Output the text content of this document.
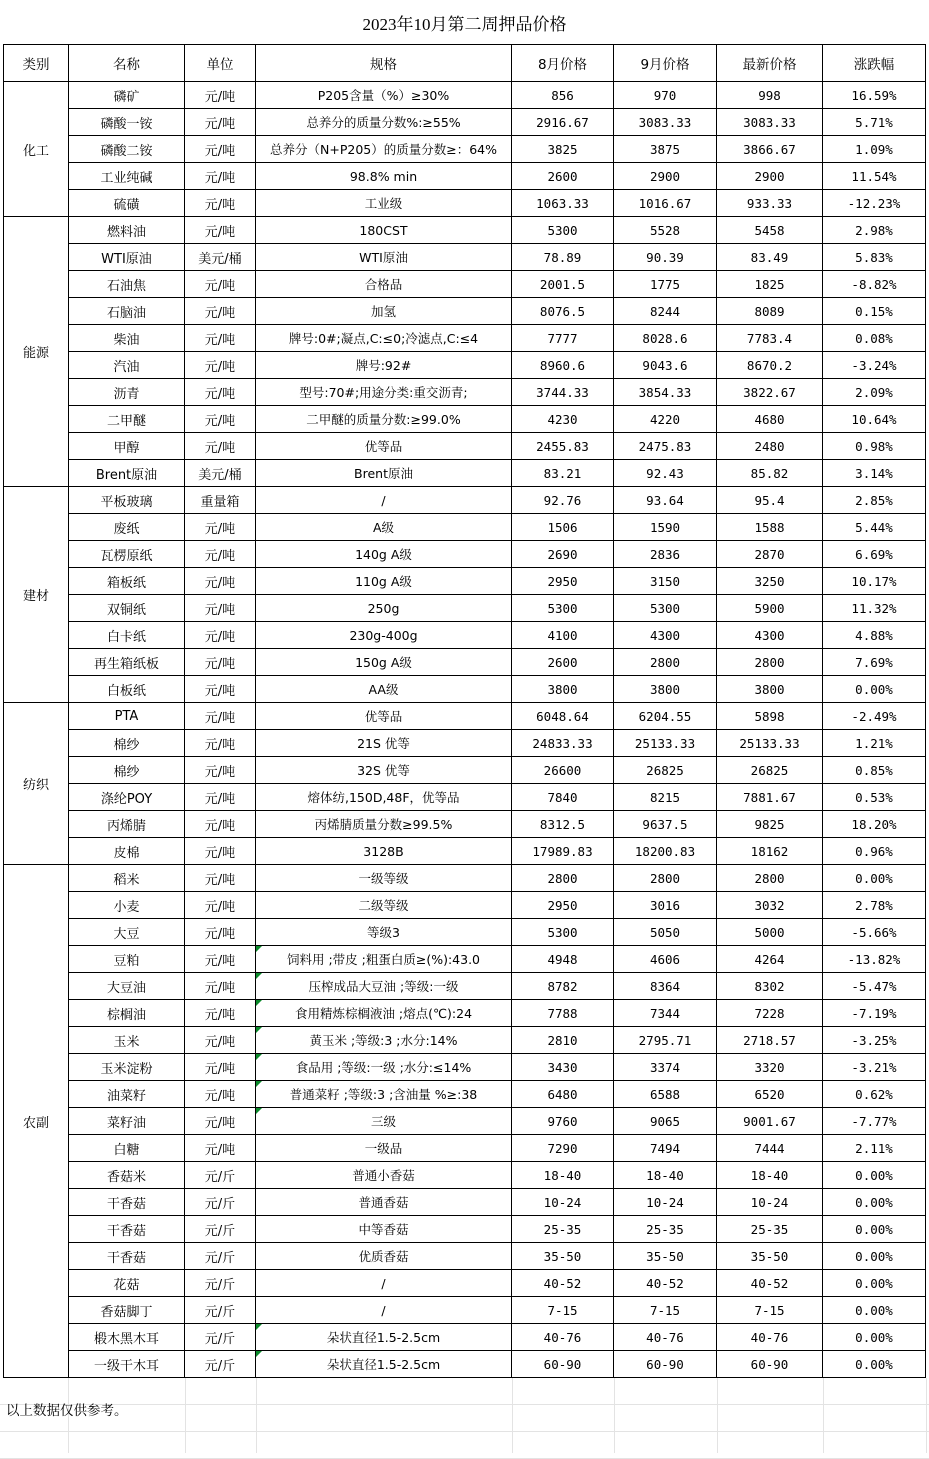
2023年10月第二周押品价格
类别	名称	单位	规格	8月价格	9月价格	最新价格	涨跌幅
化工	磷矿	元/吨	P205含量（%）≥30%	856	970	998	16.59%
	磷酸一铵	元/吨	总养分的质量分数%:≥55%	2916.67	3083.33	3083.33	5.71%
	磷酸二铵	元/吨	总养分（N+P205）的质量分数≥：64%	3825	3875	3866.67	1.09%
	工业纯碱	元/吨	98.8% min	2600	2900	2900	11.54%
	硫磺	元/吨	工业级	1063.33	1016.67	933.33	-12.23%
能源	燃料油	元/吨	180CST	5300	5528	5458	2.98%
	WTI原油	美元/桶	WTI原油	78.89	90.39	83.49	5.83%
	石油焦	元/吨	合格品	2001.5	1775	1825	-8.82%
	石脑油	元/吨	加氢	8076.5	8244	8089	0.15%
	柴油	元/吨	牌号:0#;凝点,C:≤0;冷滤点,C:≤4	7777	8028.6	7783.4	0.08%
	汽油	元/吨	牌号:92#	8960.6	9043.6	8670.2	-3.24%
	沥青	元/吨	型号:70#;用途分类:重交沥青;	3744.33	3854.33	3822.67	2.09%
	二甲醚	元/吨	二甲醚的质量分数:≥99.0%	4230	4220	4680	10.64%
	甲醇	元/吨	优等品	2455.83	2475.83	2480	0.98%
	Brent原油	美元/桶	Brent原油	83.21	92.43	85.82	3.14%
建材	平板玻璃	重量箱	/	92.76	93.64	95.4	2.85%
	废纸	元/吨	A级	1506	1590	1588	5.44%
	瓦楞原纸	元/吨	140g A级	2690	2836	2870	6.69%
	箱板纸	元/吨	110g A级	2950	3150	3250	10.17%
	双铜纸	元/吨	250g	5300	5300	5900	11.32%
	白卡纸	元/吨	230g-400g	4100	4300	4300	4.88%
	再生箱纸板	元/吨	150g A级	2600	2800	2800	7.69%
	白板纸	元/吨	AA级	3800	3800	3800	0.00%
纺织	PTA	元/吨	优等品	6048.64	6204.55	5898	-2.49%
	棉纱	元/吨	21S 优等	24833.33	25133.33	25133.33	1.21%
	棉纱	元/吨	32S 优等	26600	26825	26825	0.85%
	涤纶POY	元/吨	熔体纺,150D,48F，优等品	7840	8215	7881.67	0.53%
	丙烯腈	元/吨	丙烯腈质量分数≥99.5%	8312.5	9637.5	9825	18.20%
	皮棉	元/吨	3128B	17989.83	18200.83	18162	0.96%
农副	稻米	元/吨	一级等级	2800	2800	2800	0.00%
	小麦	元/吨	二级等级	2950	3016	3032	2.78%
	大豆	元/吨	等级3	5300	5050	5000	-5.66%
	豆粕	元/吨	饲料用 ;带皮 ;粗蛋白质≥(%):43.0	4948	4606	4264	-13.82%
	大豆油	元/吨	压榨成品大豆油 ;等级:一级	8782	8364	8302	-5.47%
	棕榈油	元/吨	食用精炼棕榈液油 ;熔点(℃):24	7788	7344	7228	-7.19%
	玉米	元/吨	黄玉米 ;等级:3 ;水分:14%	2810	2795.71	2718.57	-3.25%
	玉米淀粉	元/吨	食品用 ;等级:一级 ;水分:≤14%	3430	3374	3320	-3.21%
	油菜籽	元/吨	普通菜籽 ;等级:3 ;含油量 %≥:38	6480	6588	6520	0.62%
	菜籽油	元/吨	三级	9760	9065	9001.67	-7.77%
	白糖	元/吨	一级品	7290	7494	7444	2.11%
	香菇米	元/斤	普通小香菇	18-40	18-40	18-40	0.00%
	干香菇	元/斤	普通香菇	10-24	10-24	10-24	0.00%
	干香菇	元/斤	中等香菇	25-35	25-35	25-35	0.00%
	干香菇	元/斤	优质香菇	35-50	35-50	35-50	0.00%
	花菇	元/斤	/	40-52	40-52	40-52	0.00%
	香菇脚丁	元/斤	/	7-15	7-15	7-15	0.00%
	椴木黑木耳	元/斤	朵状直径1.5-2.5cm	40-76	40-76	40-76	0.00%
	一级干木耳	元/斤	朵状直径1.5-2.5cm	60-90	60-90	60-90	0.00%
以上数据仅供参考。
